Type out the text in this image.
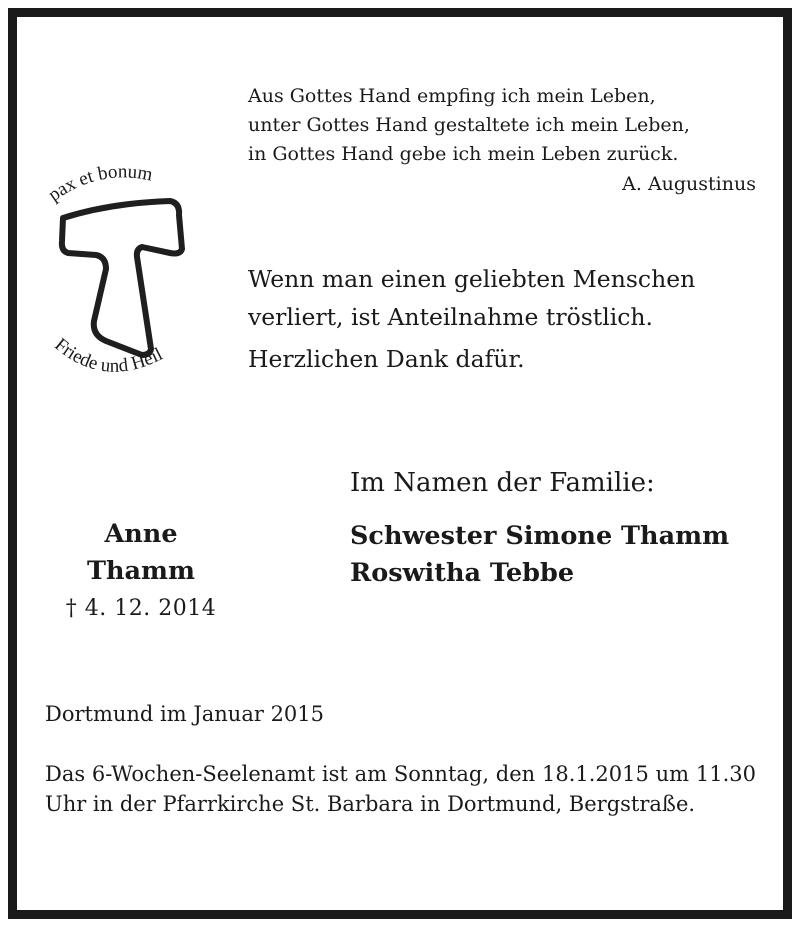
Aus Gottes Hand empfing ich mein Leben,
unter Gottes Hand gestaltete ich mein Leben,
in Gottes Hand gebe ich mein Leben zurück.
A. Augustinus
pax et bonum
Friede und Heil
Wenn man einen geliebten Menschen
verliert, ist Anteilnahme tröstlich.
Herzlichen Dank dafür.
Im Namen der Familie:
Schwester Simone Thamm
Roswitha Tebbe
Anne
Thamm
† 4. 12. 2014
Dortmund im Januar 2015
Das 6-Wochen-Seelenamt ist am Sonntag, den 18.1.2015 um 11.30 Uhr in der Pfarrkirche St. Barbara in Dortmund, Bergstraße.
